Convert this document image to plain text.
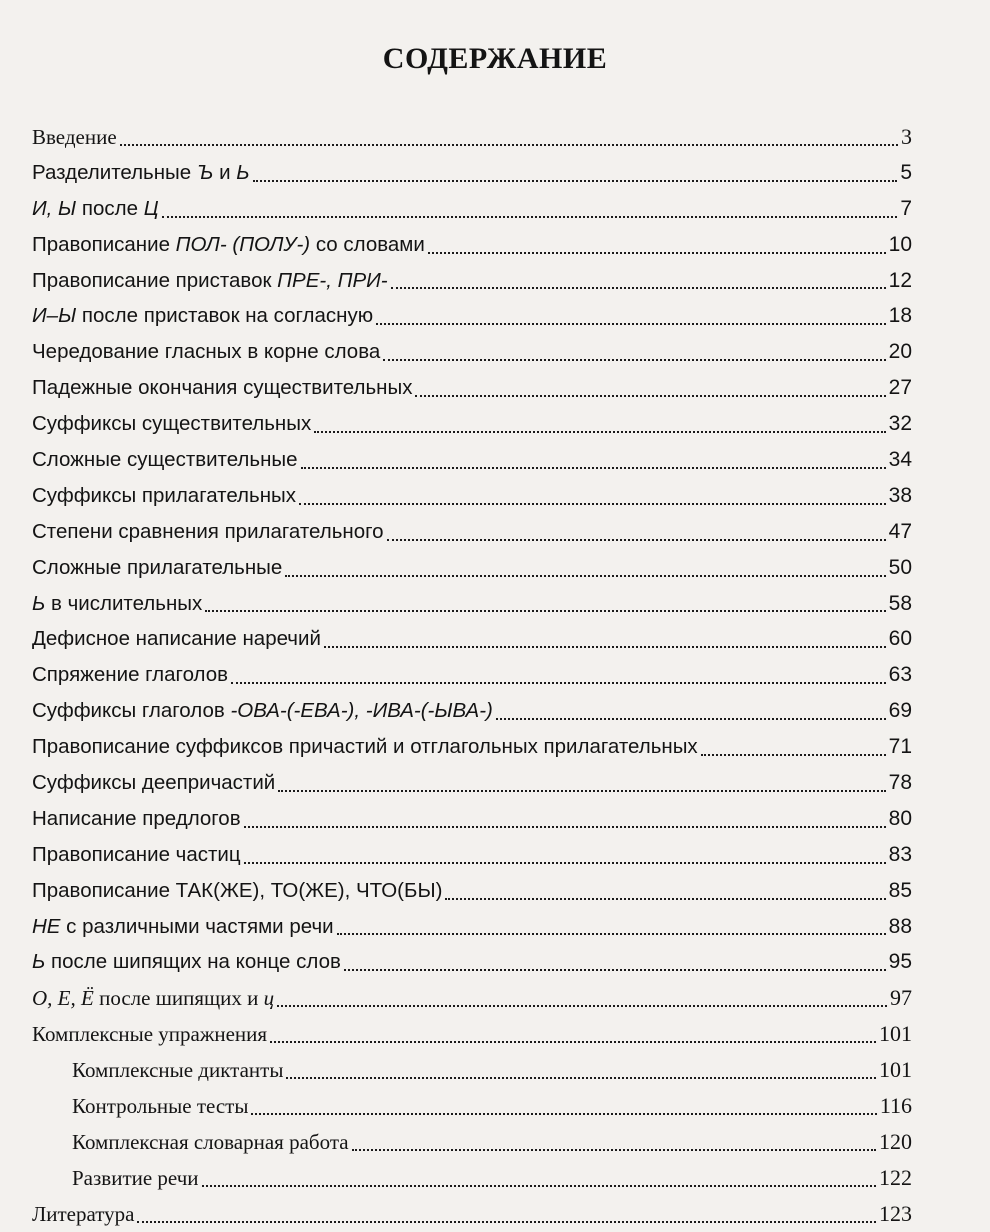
СОДЕРЖАНИЕ
Введение	3
Разделительные Ъ и Ь	5
И, Ы после Ц	7
Правописание ПОЛ- (ПОЛУ-) со словами	10
Правописание приставок ПРЕ-, ПРИ-	12
И–Ы после приставок на согласную	18
Чередование гласных в корне слова	20
Падежные окончания существительных	27
Суффиксы существительных	32
Сложные существительные	34
Суффиксы прилагательных	38
Степени сравнения прилагательного	47
Сложные прилагательные	50
Ь в числительных	58
Дефисное написание наречий	60
Спряжение глаголов	63
Суффиксы глаголов -ОВА-(-ЕВА-), -ИВА-(-ЫВА-)	69
Правописание суффиксов причастий и отглагольных прилагательных	71
Суффиксы деепричастий	78
Написание предлогов	80
Правописание частиц	83
Правописание ТАК(ЖЕ), ТО(ЖЕ), ЧТО(БЫ)	85
НЕ с различными частями речи	88
Ь после шипящих на конце слов	95
О, Е, Ё после шипящих и ц	97
Комплексные упражнения	101
Комплексные диктанты	101
Контрольные тесты	116
Комплексная словарная работа	120
Развитие речи	122
Литература	123
